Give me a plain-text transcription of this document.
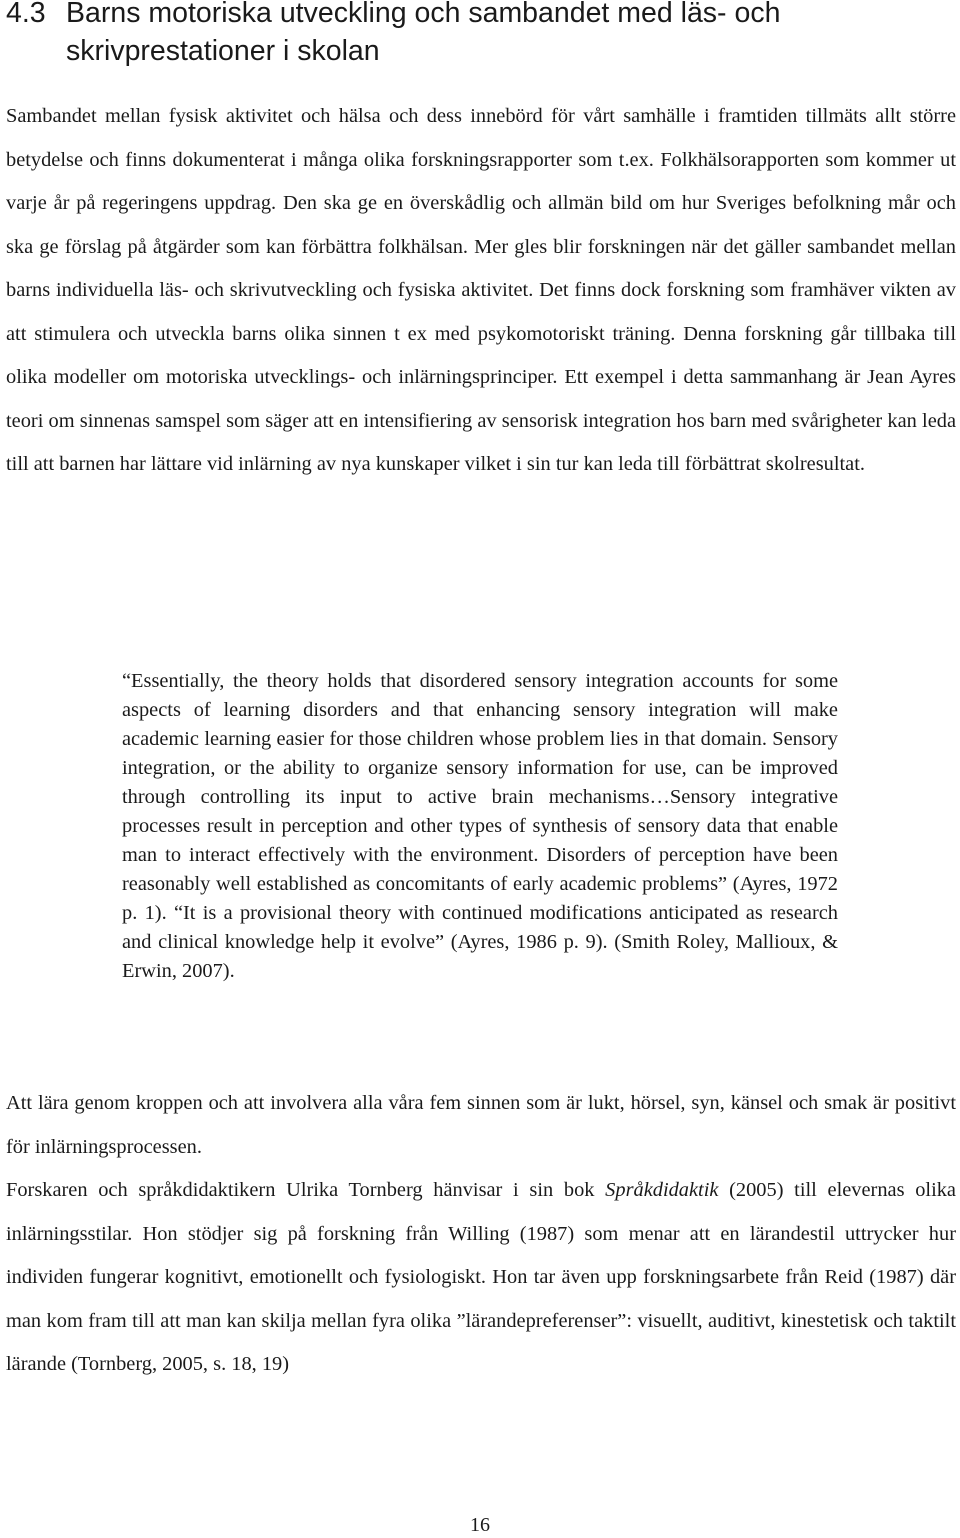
4.3 Barns motoriska utveckling och sambandet med läs- och
skrivprestationer i skolan

Sambandet mellan fysisk aktivitet och hälsa och dess innebörd för vårt samhälle i framtiden tillmäts allt större betydelse och finns dokumenterat i många olika forskningsrapporter som t.ex. Folkhälsorapporten som kommer ut varje år på regeringens uppdrag. Den ska ge en överskådlig och allmän bild om hur Sveriges befolkning mår och ska ge förslag på åtgärder som kan förbättra folkhälsan. Mer gles blir forskningen när det gäller sambandet mellan barns individuella läs- och skrivutveckling och fysiska aktivitet. Det finns dock forskning som framhäver vikten av att stimulera och utveckla barns olika sinnen t ex med psykomotoriskt träning. Denna forskning går tillbaka till olika modeller om motoriska utvecklings- och inlärningsprinciper. Ett exempel i detta sammanhang är Jean Ayres teori om sinnenas samspel som säger att en intensifiering av sensorisk integration hos barn med svårigheter kan leda till att barnen har lättare vid inlärning av nya kunskaper vilket i sin tur kan leda till förbättrat skolresultat.

“Essentially, the theory holds that disordered sensory integration accounts for some aspects of learning disorders and that enhancing sensory integration will make academic learning easier for those children whose problem lies in that domain. Sensory integration, or the ability to organize sensory information for use, can be improved through controlling its input to active brain mechanisms…Sensory integrative processes result in perception and other types of synthesis of sensory data that enable man to interact effectively with the environment. Disorders of perception have been reasonably well established as concomitants of early academic problems” (Ayres, 1972 p. 1). “It is a provisional theory with continued modifications anticipated as research and clinical knowledge help it evolve” (Ayres, 1986 p. 9). (Smith Roley, Mallioux, & Erwin, 2007).

Att lära genom kroppen och att involvera alla våra fem sinnen som är lukt, hörsel, syn, känsel och smak är positivt för inlärningsprocessen.

Forskaren och språkdidaktikern Ulrika Tornberg hänvisar i sin bok Språkdidaktik (2005) till elevernas olika inlärningsstilar. Hon stödjer sig på forskning från Willing (1987) som menar att en lärandestil uttrycker hur individen fungerar kognitivt, emotionellt och fysiologiskt. Hon tar även upp forskningsarbete från Reid (1987) där man kom fram till att man kan skilja mellan fyra olika ”lärandepreferenser”: visuellt, auditivt, kinestetisk och taktilt lärande (Tornberg, 2005, s. 18, 19)

16
